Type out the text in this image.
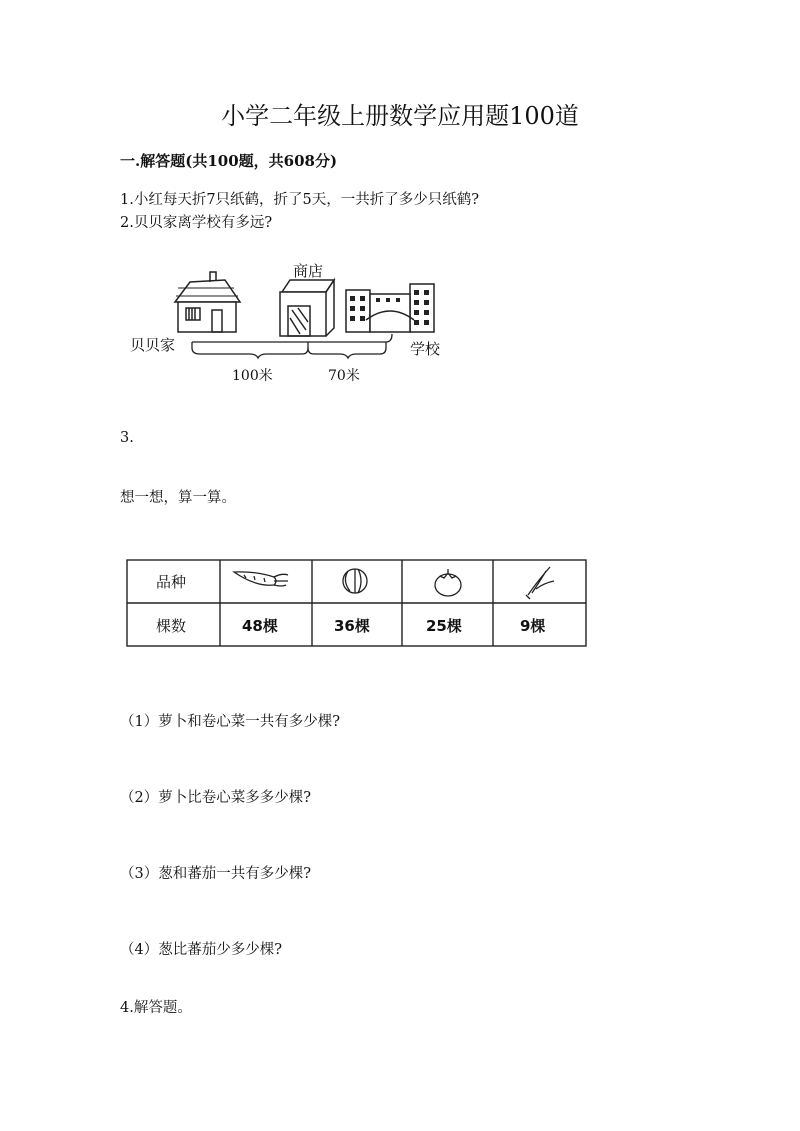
小学二年级上册数学应用题100道
一.解答题(共100题，共608分)
1.小红每天折7只纸鹤，折了5天，一共折了多少只纸鹤?
2.贝贝家离学校有多远?
贝贝家
商店
学校
100米	70米
3.
想一想，算一算。
品种
棵数	48棵	36棵	25棵	9棵
（1）萝卜和卷心菜一共有多少棵?
（2）萝卜比卷心菜多多少棵?
（3）葱和蕃茄一共有多少棵?
（4）葱比蕃茄少多少棵?
4.解答题。
